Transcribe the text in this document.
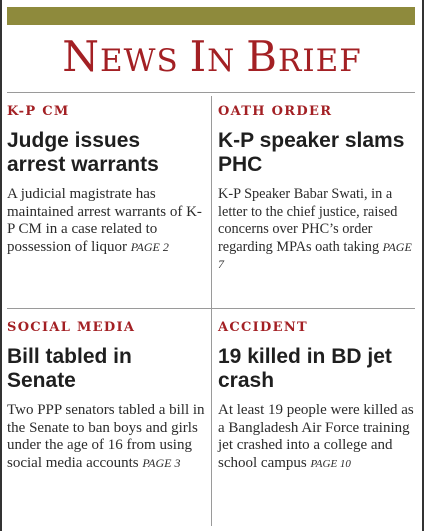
NEWS IN BRIEF

K-P CM

Judge issues arrest warrants

A judicial magistrate has maintained arrest warrants of K-P CM in a case related to possession of liquor PAGE 2

OATH ORDER

K-P speaker slams PHC

K-P Speaker Babar Swati, in a letter to the chief justice, raised concerns over PHC’s order regarding MPAs oath taking PAGE 7

SOCIAL MEDIA

Bill tabled in Senate

Two PPP senators tabled a bill in the Senate to ban boys and girls under the age of 16 from using social media accounts PAGE 3

ACCIDENT

19 killed in BD jet crash

At least 19 people were killed as a Bangladesh Air Force training jet crashed into a college and school campus PAGE 10
